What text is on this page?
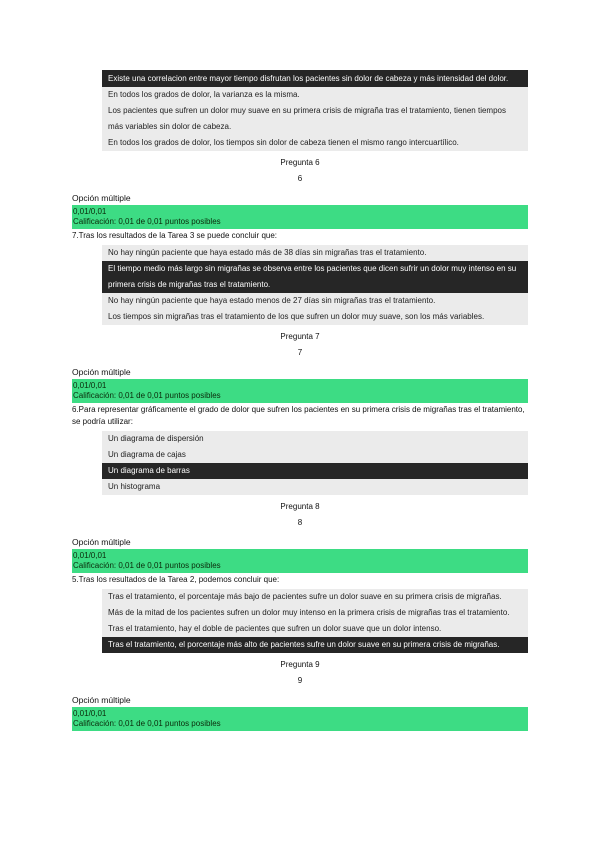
Existe una correlacion entre mayor tiempo disfrutan los pacientes sin dolor de cabeza y más intensidad del dolor.
En todos los grados de dolor, la varianza es la misma.
Los pacientes que sufren un dolor muy suave en su primera crisis de migraña tras el tratamiento, tienen tiempos más variables sin dolor de cabeza.
En todos los grados de dolor, los tiempos sin dolor de cabeza tienen el mismo rango intercuartílico.
Pregunta 6
6
Opción múltiple
0,01/0,01
Calificación: 0,01 de 0,01 puntos posibles
7.Tras los resultados de la Tarea 3 se puede concluir que:
No hay ningún paciente que haya estado más de 38 días sin migrañas tras el tratamiento.
El tiempo medio más largo sin migrañas se observa entre los pacientes que dicen sufrir un dolor muy intenso en su primera crisis de migrañas tras el tratamiento.
No hay ningún paciente que haya estado menos de 27 días sin migrañas tras el tratamiento.
Los tiempos sin migrañas tras el tratamiento de los que sufren un dolor muy suave, son los más variables.
Pregunta 7
7
Opción múltiple
0,01/0,01
Calificación: 0,01 de 0,01 puntos posibles
6.Para representar gráficamente el grado de dolor que sufren los pacientes en su primera crisis de migrañas tras el tratamiento, se podría utilizar:
Un diagrama de dispersión
Un diagrama de cajas
Un diagrama de barras
Un histograma
Pregunta 8
8
Opción múltiple
0,01/0,01
Calificación: 0,01 de 0,01 puntos posibles
5.Tras los resultados de la Tarea 2, podemos concluir que:
Tras el tratamiento, el porcentaje más bajo de pacientes sufre un dolor suave en su primera crisis de migrañas.
Más de la mitad de los pacientes sufren un dolor muy intenso en la primera crisis de migrañas tras el tratamiento.
Tras el tratamiento, hay el doble de pacientes que sufren un dolor suave que un dolor intenso.
Tras el tratamiento, el porcentaje más alto de pacientes sufre un dolor suave en su primera crisis de migrañas.
Pregunta 9
9
Opción múltiple
0,01/0,01
Calificación: 0,01 de 0,01 puntos posibles
